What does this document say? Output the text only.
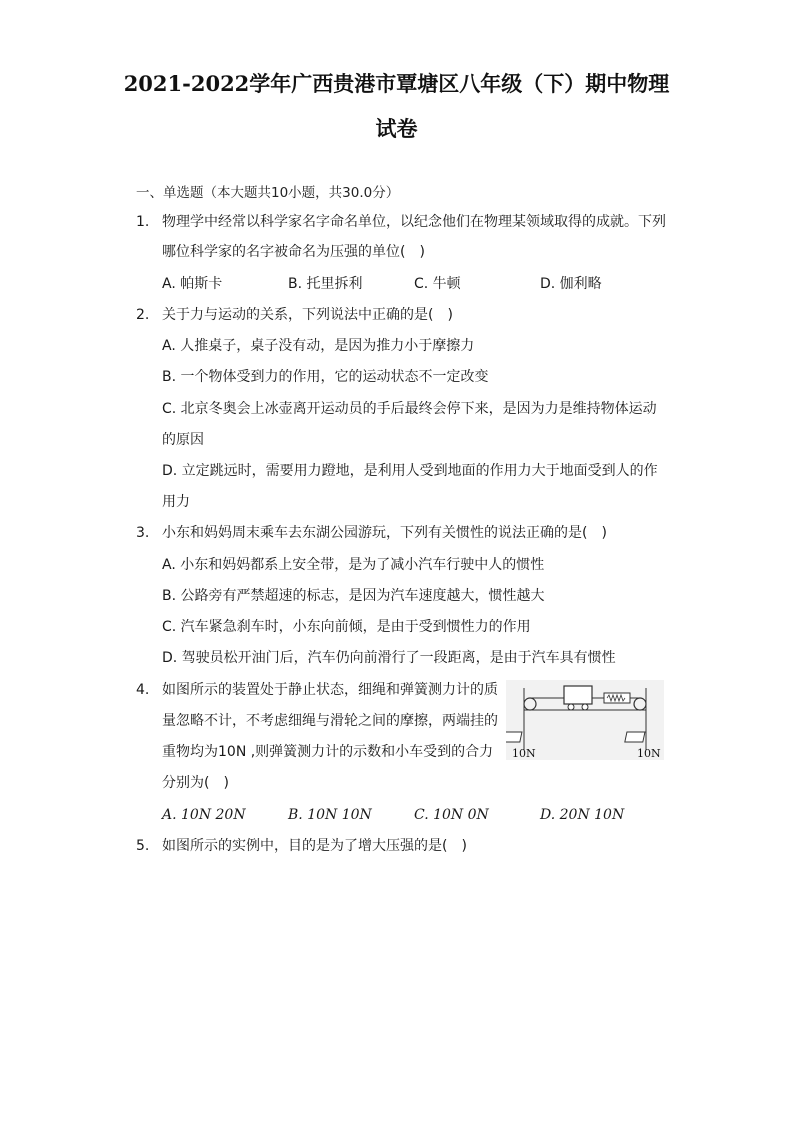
2021-2022学年广西贵港市覃塘区八年级（下）期中物理
试卷
一、单选题（本大题共10小题，共30.0分）
1. 物理学中经常以科学家名字命名单位，以纪念他们在物理某领域取得的成就。下列
哪位科学家的名字被命名为压强的单位(　)
A. 帕斯卡	B. 托里拆利	C. 牛顿	D. 伽利略
2. 关于力与运动的关系，下列说法中正确的是(　)
A. 人推桌子，桌子没有动，是因为推力小于摩擦力
B. 一个物体受到力的作用，它的运动状态不一定改变
C. 北京冬奥会上冰壶离开运动员的手后最终会停下来，是因为力是维持物体运动
的原因
D. 立定跳远时，需要用力蹬地，是利用人受到地面的作用力大于地面受到人的作
用力
3. 小东和妈妈周末乘车去东湖公园游玩，下列有关惯性的说法正确的是(　)
A. 小东和妈妈都系上安全带，是为了减小汽车行驶中人的惯性
B. 公路旁有严禁超速的标志，是因为汽车速度越大，惯性越大
C. 汽车紧急刹车时，小东向前倾，是由于受到惯性力的作用
D. 驾驶员松开油门后，汽车仍向前滑行了一段距离，是由于汽车具有惯性
4. 如图所示的装置处于静止状态，细绳和弹簧测力计的质
量忽略不计，不考虑细绳与滑轮之间的摩擦，两端挂的
重物均为10N ,则弹簧测力计的示数和小车受到的合力
分别为(　)
A. 10N 20N	B. 10N 10N	C. 10N 0N	D. 20N 10N
10N	10N
5. 如图所示的实例中，目的是为了增大压强的是(　)
